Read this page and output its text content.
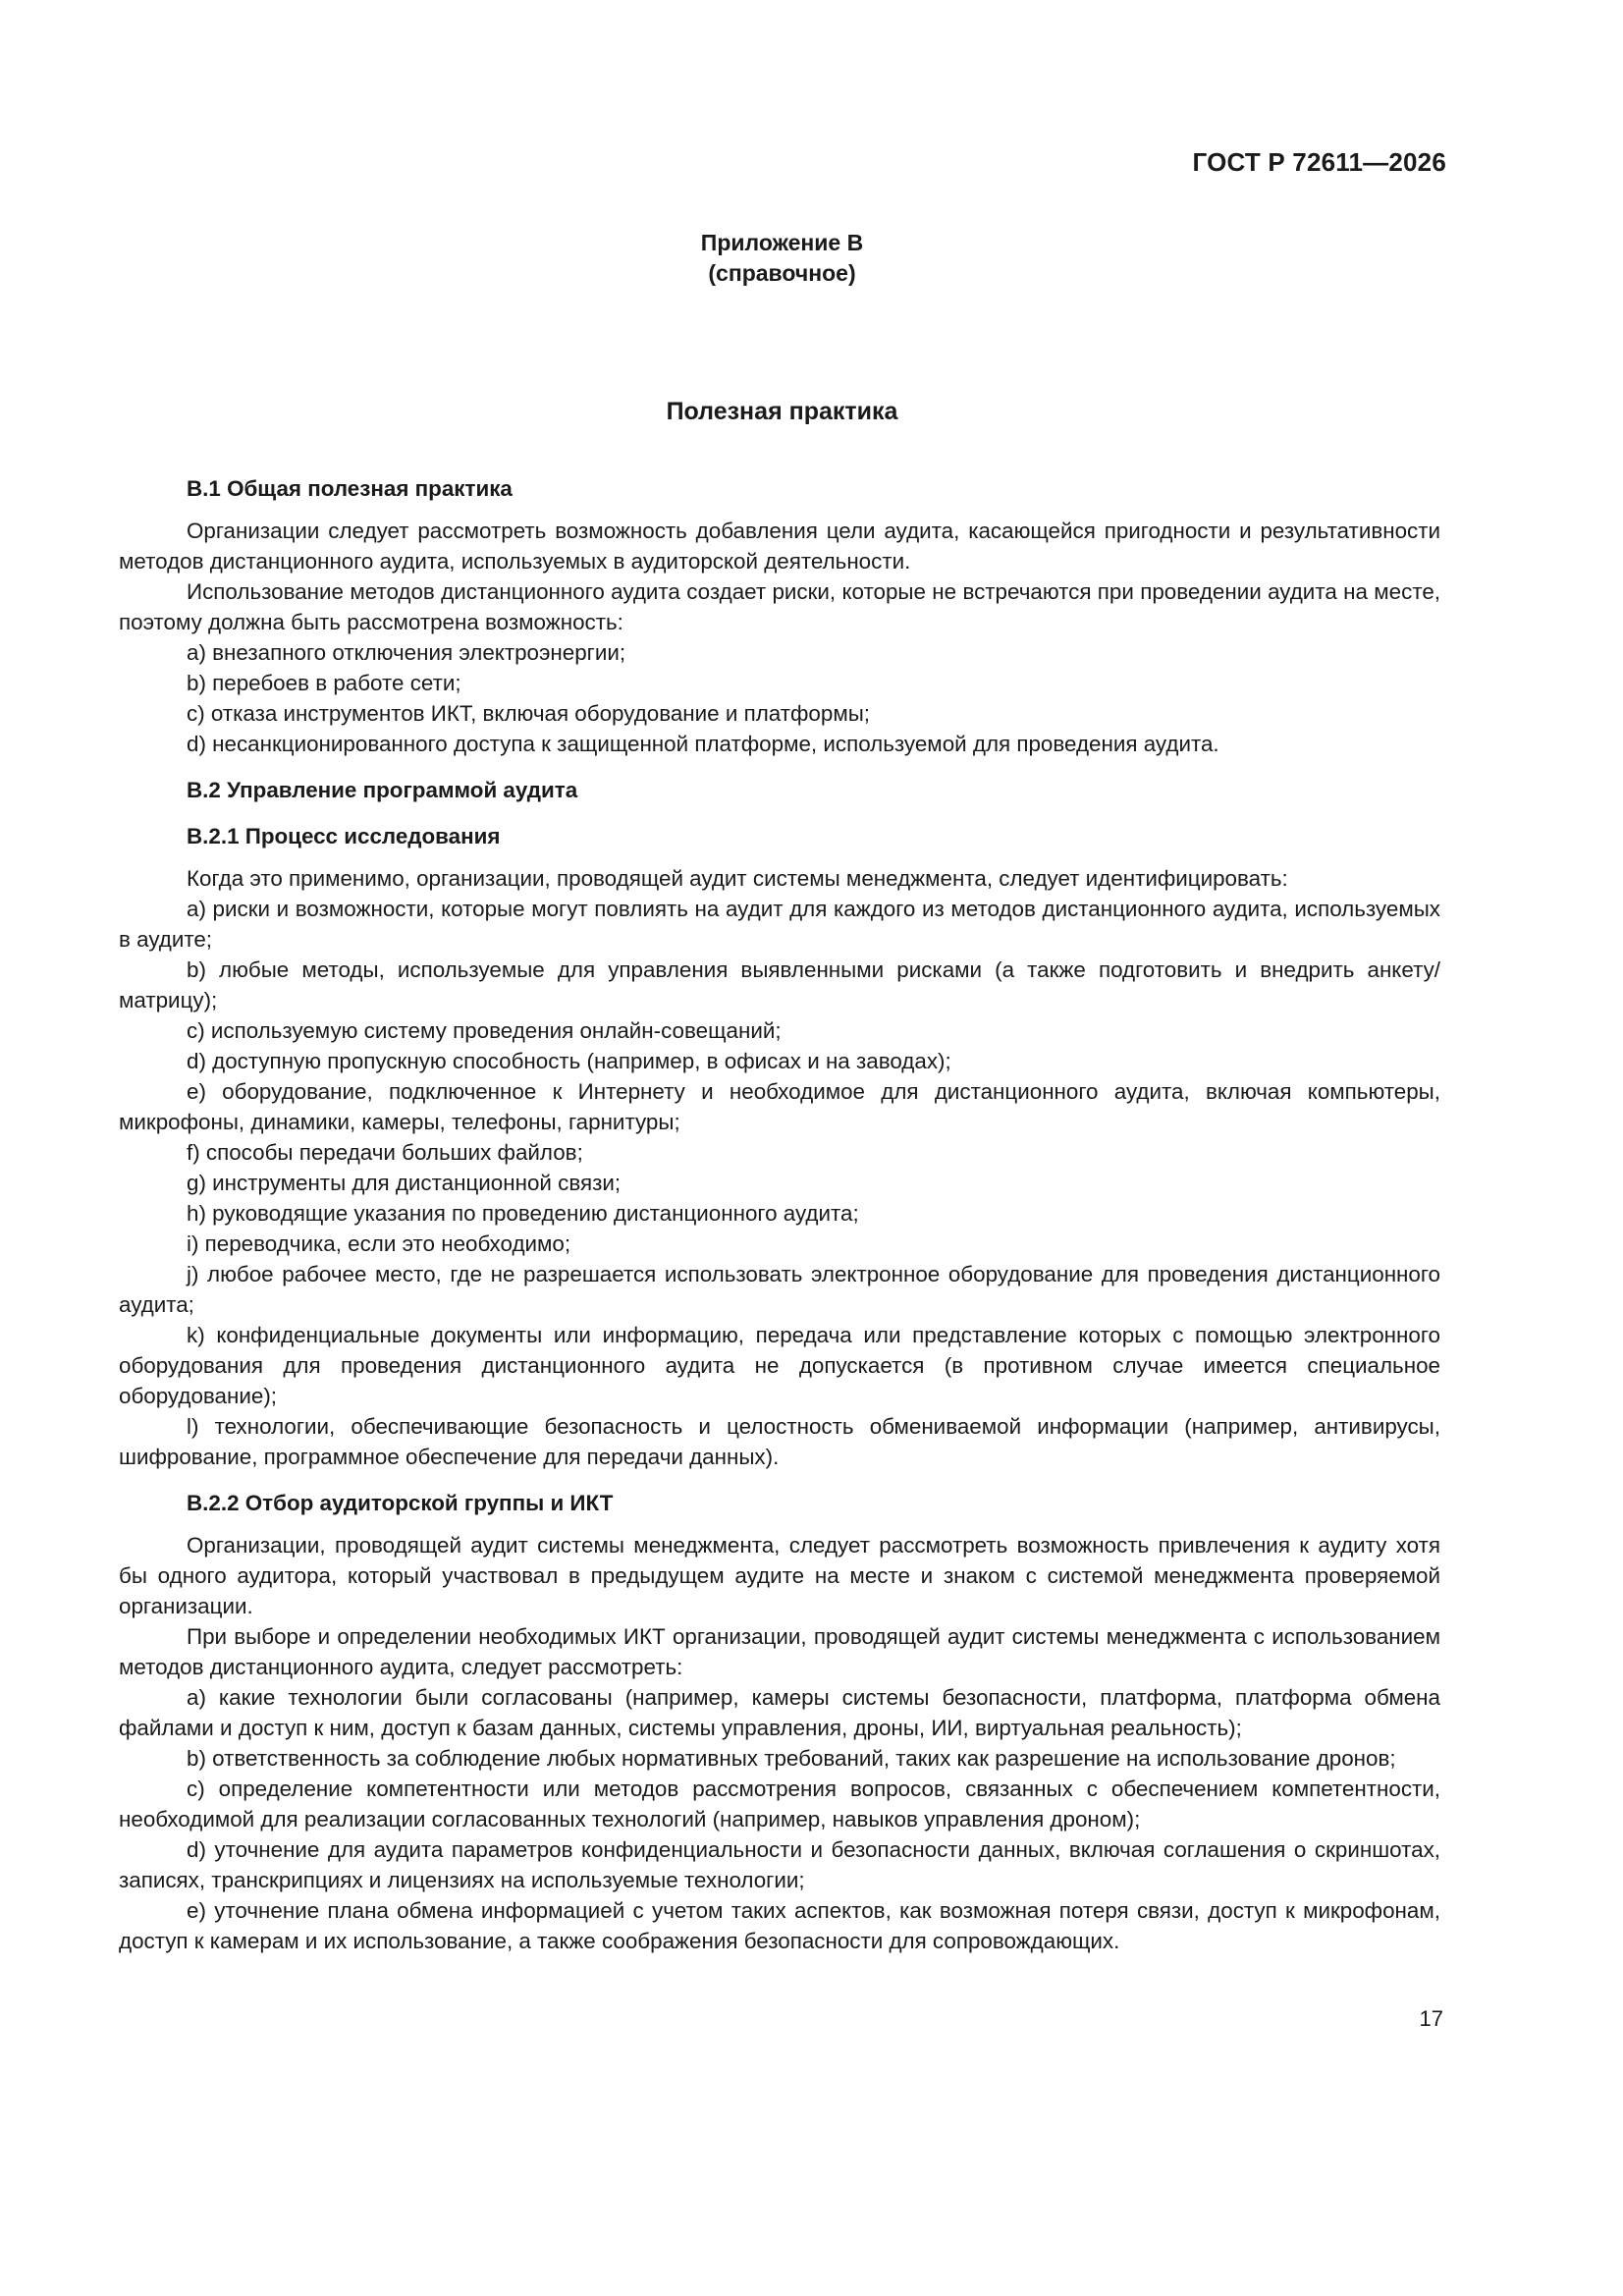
ГОСТ Р 72611—2026
Приложение В
(справочное)
Полезная практика
В.1 Общая полезная практика

Организации следует рассмотреть возможность добавления цели аудита, касающейся пригодности и результативности методов дистанционного аудита, используемых в аудиторской деятельности.

Использование методов дистанционного аудита создает риски, которые не встречаются при проведении аудита на месте, поэтому должна быть рассмотрена возможность:

a) внезапного отключения электроэнергии;

b) перебоев в работе сети;

c) отказа инструментов ИКТ, включая оборудование и платформы;

d) несанкционированного доступа к защищенной платформе, используемой для проведения аудита.

В.2 Управление программой аудита
В.2.1 Процесс исследования

Когда это применимо, организации, проводящей аудит системы менеджмента, следует идентифицировать:

a) риски и возможности, которые могут повлиять на аудит для каждого из методов дистанционного аудита, используемых в аудите;

b) любые методы, используемые для управления выявленными рисками (а также подготовить и внедрить анкету/матрицу);

c) используемую систему проведения онлайн-совещаний;

d) доступную пропускную способность (например, в офисах и на заводах);

e) оборудование, подключенное к Интернету и необходимое для дистанционного аудита, включая компьютеры, микрофоны, динамики, камеры, телефоны, гарнитуры;

f) способы передачи больших файлов;

g) инструменты для дистанционной связи;

h) руководящие указания по проведению дистанционного аудита;

i) переводчика, если это необходимо;

j) любое рабочее место, где не разрешается использовать электронное оборудование для проведения дистанционного аудита;

k) конфиденциальные документы или информацию, передача или представление которых с помощью электронного оборудования для проведения дистанционного аудита не допускается (в противном случае имеется специальное оборудование);

l) технологии, обеспечивающие безопасность и целостность обмениваемой информации (например, антивирусы, шифрование, программное обеспечение для передачи данных).

В.2.2 Отбор аудиторской группы и ИКТ

Организации, проводящей аудит системы менеджмента, следует рассмотреть возможность привлечения к аудиту хотя бы одного аудитора, который участвовал в предыдущем аудите на месте и знаком с системой менеджмента проверяемой организации.

При выборе и определении необходимых ИКТ организации, проводящей аудит системы менеджмента с использованием методов дистанционного аудита, следует рассмотреть:

a) какие технологии были согласованы (например, камеры системы безопасности, платформа, платформа обмена файлами и доступ к ним, доступ к базам данных, системы управления, дроны, ИИ, виртуальная реальность);

b) ответственность за соблюдение любых нормативных требований, таких как разрешение на использование дронов;

c) определение компетентности или методов рассмотрения вопросов, связанных с обеспечением компетентности, необходимой для реализации согласованных технологий (например, навыков управления дроном);

d) уточнение для аудита параметров конфиденциальности и безопасности данных, включая соглашения о скриншотах, записях, транскрипциях и лицензиях на используемые технологии;

e) уточнение плана обмена информацией с учетом таких аспектов, как возможная потеря связи, доступ к микрофонам, доступ к камерам и их использование, а также соображения безопасности для сопровождающих.

17
